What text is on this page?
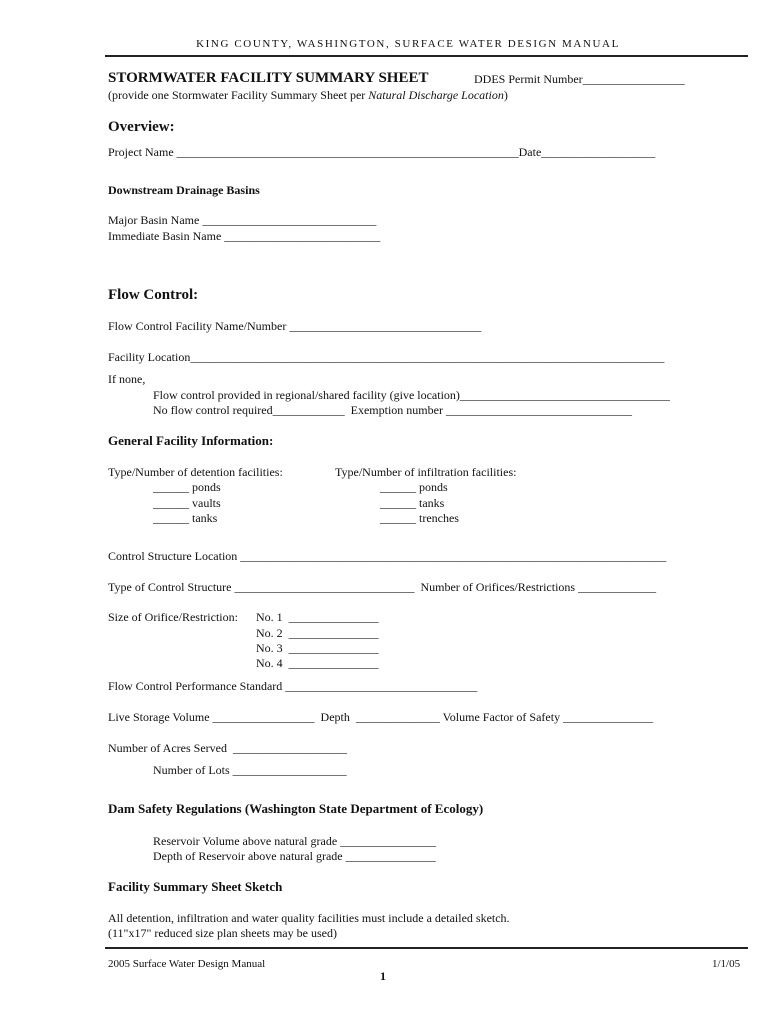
KING COUNTY, WASHINGTON, SURFACE WATER DESIGN MANUAL
STORMWATER FACILITY SUMMARY SHEET	DDES Permit Number_________________
(provide one Stormwater Facility Summary Sheet per Natural Discharge Location)
Overview:
Project Name _________________________________________________________Date___________________
Downstream Drainage Basins
Major Basin Name _____________________________
Immediate Basin Name __________________________
Flow Control:
Flow Control Facility Name/Number ________________________________
Facility Location_______________________________________________________________________________
If none,
Flow control provided in regional/shared facility (give location)___________________________________
No flow control required____________  Exemption number _______________________________
General Facility Information:
Type/Number of detention facilities:
______ ponds
______ vaults
______ tanks
Type/Number of infiltration facilities:
______ ponds
______ tanks
______ trenches
Control Structure Location _______________________________________________________________________
Type of Control Structure ______________________________  Number of Orifices/Restrictions _____________
Size of Orifice/Restriction: No. 1  _______________
No. 2  _______________
No. 3  _______________
No. 4  _______________
Flow Control Performance Standard ________________________________
Live Storage Volume _________________  Depth  ______________ Volume Factor of Safety _______________
Number of Acres Served  ___________________
Number of Lots ___________________
Dam Safety Regulations (Washington State Department of Ecology)
Reservoir Volume above natural grade ________________
Depth of Reservoir above natural grade _______________
Facility Summary Sheet Sketch
All detention, infiltration and water quality facilities must include a detailed sketch.
(11"x17" reduced size plan sheets may be used)
2005 Surface Water Design Manual	1/1/05
1
